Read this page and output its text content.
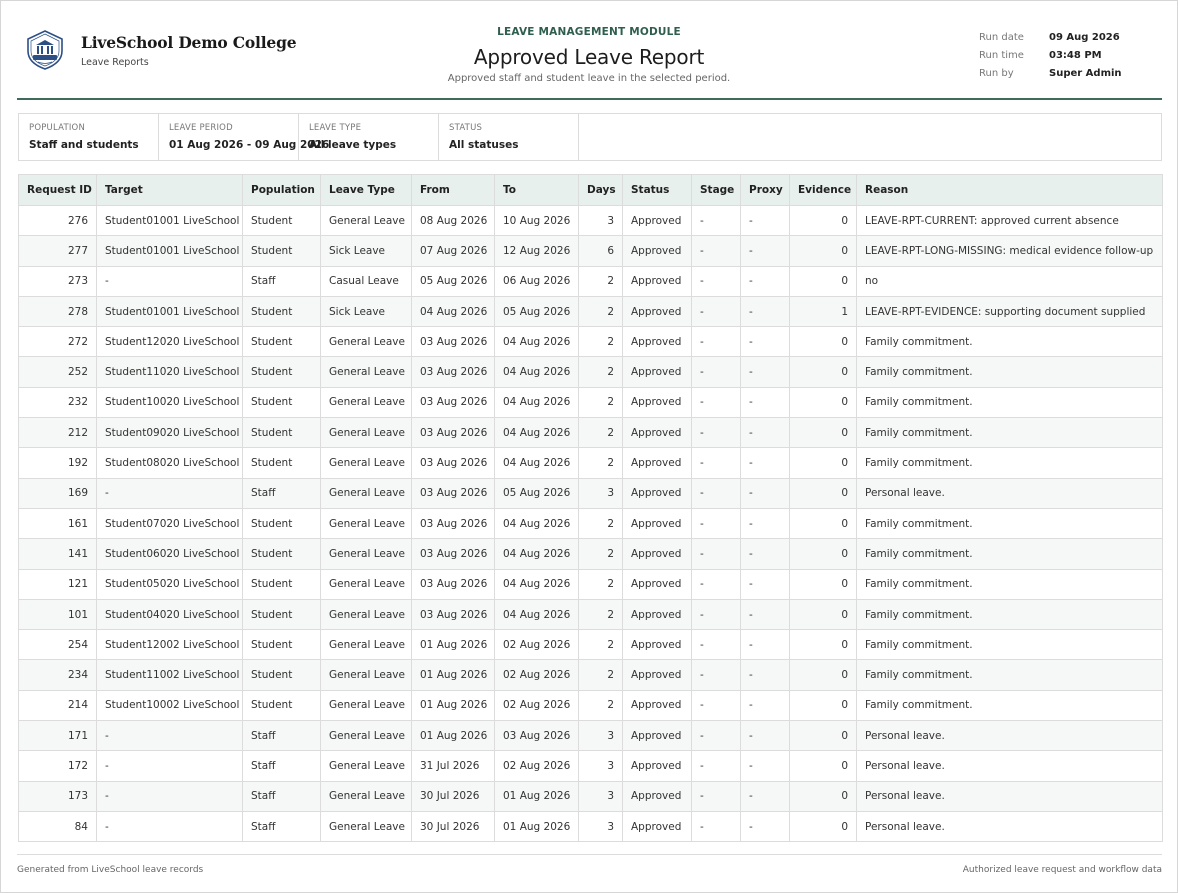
LiveSchool Demo College
Leave Reports
LEAVE MANAGEMENT MODULE
Approved Leave Report
Approved staff and student leave in the selected period.
Run date	09 Aug 2026
Run time	03:48 PM
Run by	Super Admin
POPULATION
Staff and students
LEAVE PERIOD
01 Aug 2026 - 09 Aug 2026
LEAVE TYPE
All leave types
STATUS
All statuses
Request ID	Target	Population	Leave Type	From	To	Days	Status	Stage	Proxy	Evidence	Reason
276	Student01001 LiveSchool	Student	General Leave	08 Aug 2026	10 Aug 2026	3	Approved	-	-	0	LEAVE-RPT-CURRENT: approved current absence
277	Student01001 LiveSchool	Student	Sick Leave	07 Aug 2026	12 Aug 2026	6	Approved	-	-	0	LEAVE-RPT-LONG-MISSING: medical evidence follow-up
273	-	Staff	Casual Leave	05 Aug 2026	06 Aug 2026	2	Approved	-	-	0	no
278	Student01001 LiveSchool	Student	Sick Leave	04 Aug 2026	05 Aug 2026	2	Approved	-	-	1	LEAVE-RPT-EVIDENCE: supporting document supplied
272	Student12020 LiveSchool	Student	General Leave	03 Aug 2026	04 Aug 2026	2	Approved	-	-	0	Family commitment.
252	Student11020 LiveSchool	Student	General Leave	03 Aug 2026	04 Aug 2026	2	Approved	-	-	0	Family commitment.
232	Student10020 LiveSchool	Student	General Leave	03 Aug 2026	04 Aug 2026	2	Approved	-	-	0	Family commitment.
212	Student09020 LiveSchool	Student	General Leave	03 Aug 2026	04 Aug 2026	2	Approved	-	-	0	Family commitment.
192	Student08020 LiveSchool	Student	General Leave	03 Aug 2026	04 Aug 2026	2	Approved	-	-	0	Family commitment.
169	-	Staff	General Leave	03 Aug 2026	05 Aug 2026	3	Approved	-	-	0	Personal leave.
161	Student07020 LiveSchool	Student	General Leave	03 Aug 2026	04 Aug 2026	2	Approved	-	-	0	Family commitment.
141	Student06020 LiveSchool	Student	General Leave	03 Aug 2026	04 Aug 2026	2	Approved	-	-	0	Family commitment.
121	Student05020 LiveSchool	Student	General Leave	03 Aug 2026	04 Aug 2026	2	Approved	-	-	0	Family commitment.
101	Student04020 LiveSchool	Student	General Leave	03 Aug 2026	04 Aug 2026	2	Approved	-	-	0	Family commitment.
254	Student12002 LiveSchool	Student	General Leave	01 Aug 2026	02 Aug 2026	2	Approved	-	-	0	Family commitment.
234	Student11002 LiveSchool	Student	General Leave	01 Aug 2026	02 Aug 2026	2	Approved	-	-	0	Family commitment.
214	Student10002 LiveSchool	Student	General Leave	01 Aug 2026	02 Aug 2026	2	Approved	-	-	0	Family commitment.
171	-	Staff	General Leave	01 Aug 2026	03 Aug 2026	3	Approved	-	-	0	Personal leave.
172	-	Staff	General Leave	31 Jul 2026	02 Aug 2026	3	Approved	-	-	0	Personal leave.
173	-	Staff	General Leave	30 Jul 2026	01 Aug 2026	3	Approved	-	-	0	Personal leave.
84	-	Staff	General Leave	30 Jul 2026	01 Aug 2026	3	Approved	-	-	0	Personal leave.
Generated from LiveSchool leave records	Authorized leave request and workflow data
